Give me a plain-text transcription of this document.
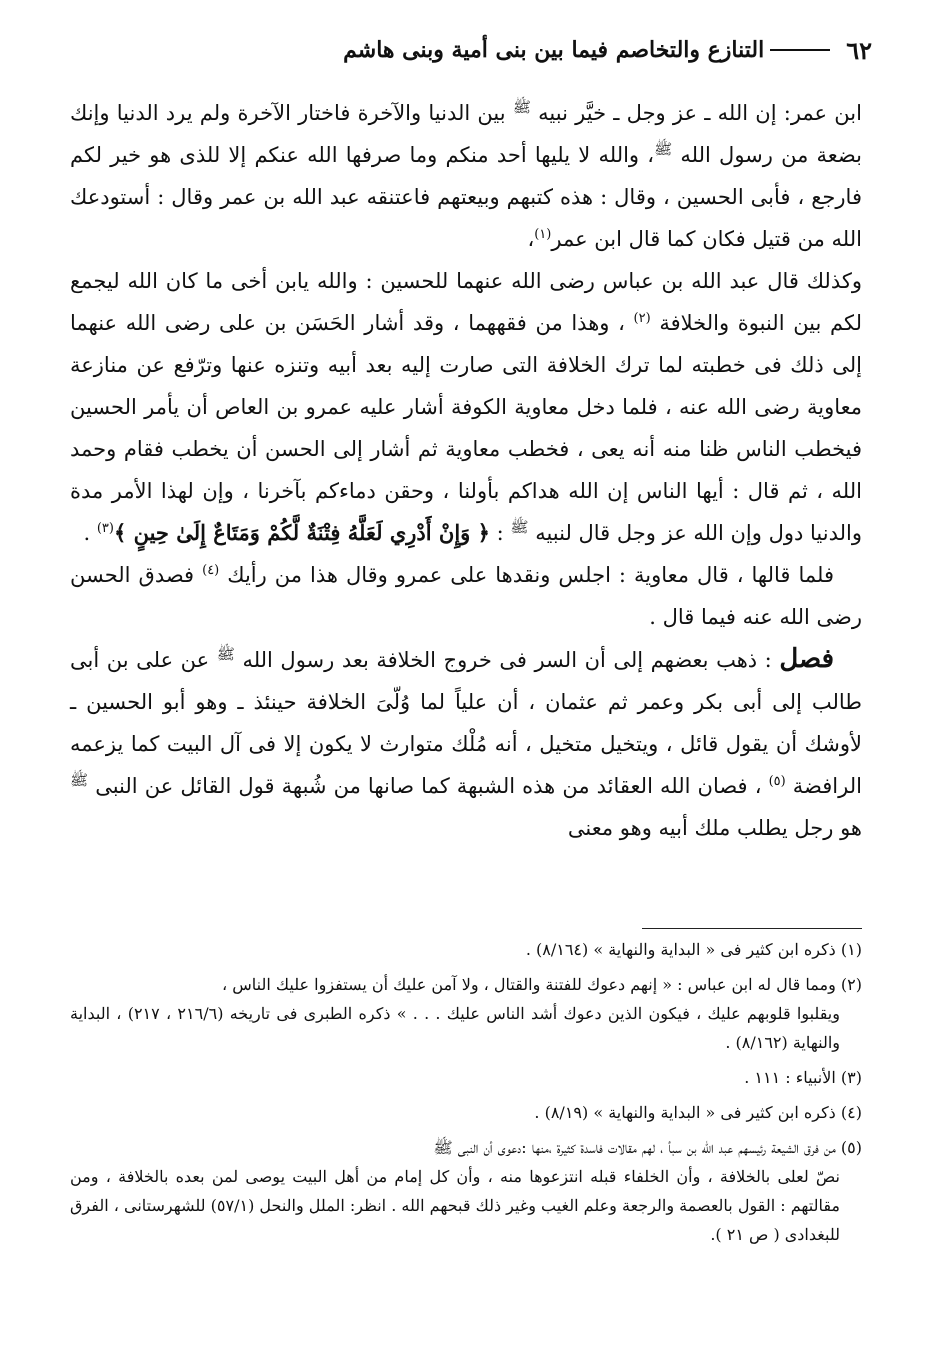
٦٢
التنازع والتخاصم فيما بين بنى أمية وبنى هاشم

ابن عمر: إن الله ـ عز وجل ـ خيَّر نبيه $^ﷺ$ بين الدنيا والآخرة فاختار الآخرة ولم يرد الدنيا وإنك بضعة من رسول الله $^ﷺ$، والله لا يليها أحد منكم وما صرفها الله عنكم إلا للذى هو خير لكم فارجع ، فأبى الحسين ، وقال : هذه كتبهم وبيعتهم فاعتنقه عبد الله بن عمر وقال : أستودعك الله من قتيل فكان كما قال ابن عمر$^{(١)}$،

وكذلك قال عبد الله بن عباس رضى الله عنهما للحسين : والله يابن أخى ما كان الله ليجمع لكم بين النبوة والخلافة $^{(٢)}$ ، وهذا من فقههما ، وقد أشار الحَسَن بن على رضى الله عنهما إلى ذلك فى خطبته لما ترك الخلافة التى صارت إليه بعد أبيه وتنزه عنها وترّفع عن منازعة معاوية رضى الله عنه ، فلما دخل معاوية الكوفة أشار عليه عمرو بن العاص أن يأمر الحسين فيخطب الناس ظنا منه أنه يعى ، فخطب معاوية ثم أشار إلى الحسن أن يخطب فقام وحمد الله ، ثم قال : أيها الناس إن الله هداكم بأولنا ، وحقن دماءكم بآخرنا ، وإن لهذا الأمر مدة والدنيا دول وإن الله عز وجل قال لنبيه $^ﷺ$ : ﴿ وَإِنْ أَدْرِي لَعَلَّهُ فِتْنَةٌ لَّكُمْ وَمَتَاعٌ إِلَىٰ حِينٍ ﴾$^{(٣)}$ .

فلما قالها ، قال معاوية : اجلس ونقدها على عمرو وقال هذا من رأيك $^{(٤)}$ فصدق الحسن رضى الله عنه فيما قال .

فصل : ذهب بعضهم إلى أن السر فى خروج الخلافة بعد رسول الله $^ﷺ$ عن على بن أبى طالب إلى أبى بكر وعمر ثم عثمان ، أن علياً لما وُلّىَ الخلافة حينئذ ـ وهو أبو الحسين ـ لأوشك أن يقول قائل ، ويتخيل متخيل ، أنه مُلْك متوارث لا يكون إلا فى آل البيت كما يزعمه الرافضة $^{(٥)}$ ، فصان الله العقائد من هذه الشبهة كما صانها من شُبهة قول القائل عن النبى $^ﷺ$ هو رجل يطلب ملك أبيه وهو معنى

(١) ذكره ابن كثير فى « البداية والنهاية » (٨/١٦٤) .

(٢) ومما قال له ابن عباس : « إنهم دعوك للفتنة والقتال ، ولا آمن عليك أن يستفزوا عليك الناس ،
ويقلبوا قلوبهم عليك ، فيكون الذين دعوك أشد الناس عليك . . . » ذكره الطبرى فى تاريخه (٢١٦/٦ ، ٢١٧) ، البداية والنهاية (٨/١٦٢) .

(٣) الأنبياء : ١١١ .

(٤) ذكره ابن كثير فى « البداية والنهاية » (٨/١٩) .

(٥) من فرق الشيعة رئيسهم عبد الله بن سبأ ، لهم مقالات فاسدة كثيرة ،منها :دعوى أن النبى ﷺ
نصّ لعلى بالخلافة ، وأن الخلفاء قبله انتزعوها منه ، وأن كل إمام من أهل البيت يوصى لمن بعده بالخلافة ، ومن مقالتهم : القول بالعصمة والرجعة وعلم الغيب وغير ذلك قبحهم الله . انظر: الملل والنحل (٥٧/١) للشهرستانى ، الفرق للبغدادى ( ص ٢١ ).
